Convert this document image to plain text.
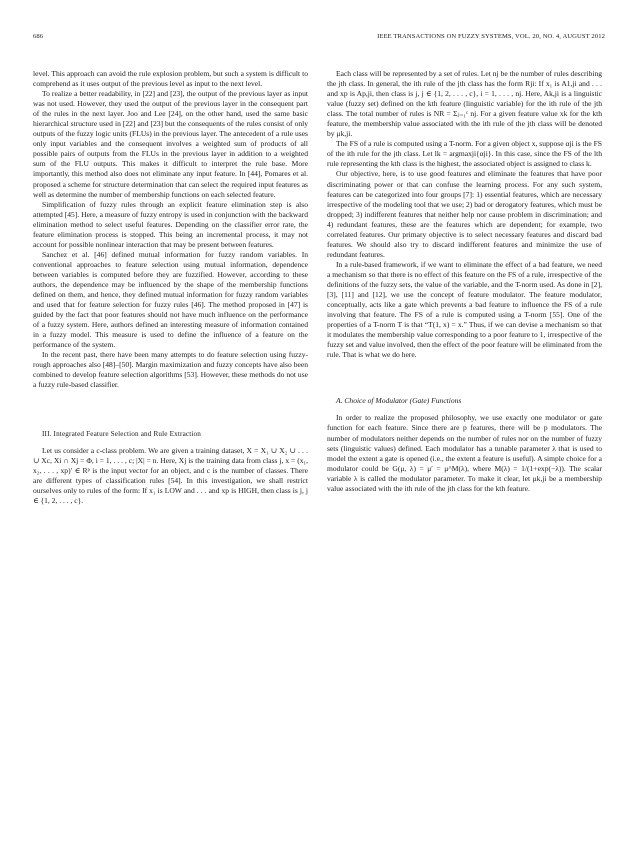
686	IEEE TRANSACTIONS ON FUZZY SYSTEMS, VOL. 20, NO. 4, AUGUST 2012

level. This approach can avoid the rule explosion problem, but such a system is difficult to comprehend as it uses output of the previous level as input to the next level.

To realize a better readability, in [22] and [23], the output of the previous layer as input was not used. However, they used the output of the previous layer in the consequent part of the rules in the next layer. Joo and Lee [24], on the other hand, used the same basic hierarchical structure used in [22] and [23] but the consequents of the rules consist of only outputs of the fuzzy logic units (FLUs) in the previous layer. The antecedent of a rule uses only input variables and the consequent involves a weighted sum of products of all possible pairs of outputs from the FLUs in the previous layer in addition to a weighted sum of the FLU outputs. This makes it difficult to interpret the rule base. More importantly, this method also does not eliminate any input feature. In [44], Pomares et al. proposed a scheme for structure determination that can select the required input features as well as determine the number of membership functions on each selected feature.

Simplification of fuzzy rules through an explicit feature elimination step is also attempted [45]. Here, a measure of fuzzy entropy is used in conjunction with the backward elimination method to select useful features. Depending on the classifier error rate, the feature elimination process is stopped. This being an incremental process, it may not account for possible nonlinear interaction that may be present between features.

Sanchez et al. [46] defined mutual information for fuzzy random variables. In conventional approaches to feature selection using mutual information, dependence between variables is computed before they are fuzzified. However, according to these authors, the dependence may be influenced by the shape of the membership functions defined on them, and hence, they defined mutual information for fuzzy random variables and used that for feature selection for fuzzy rules [46]. The method proposed in [47] is guided by the fact that poor features should not have much influence on the performance of a fuzzy system. Here, authors defined an interesting measure of information contained in a fuzzy model. This measure is used to define the influence of a feature on the performance of the system.

In the recent past, there have been many attempts to do feature selection using fuzzy-rough approaches also [48]–[50]. Margin maximization and fuzzy concepts have also been combined to develop feature selection algorithms [53]. However, these methods do not use a fuzzy rule-based classifier.

III. Integrated Feature Selection and Rule Extraction

Let us consider a c-class problem. We are given a training dataset, X = X₁ ∪ X₂ ∪ . . . ∪ Xc, Xi ∩ Xj = Φ, i = 1, . . . , c; |X| = n. Here, Xj is the training data from class j, x = (x₁, x₂, . . . , xp)′ ∈ Rᵖ is the input vector for an object, and c is the number of classes. There are different types of classification rules [54]. In this investigation, we shall restrict ourselves only to rules of the form: If x₁ is LOW and . . . and xp is HIGH, then class is j, j ∈ {1, 2, . . . , c}.

Each class will be represented by a set of rules. Let nj be the number of rules describing the jth class. In general, the ith rule of the jth class has the form Rji: If x₁ is A1,ji and . . . and xp is Ap,ji, then class is j, j ∈ {1, 2, . . . , c}, i = 1, . . . , nj. Here, Ak,ji is a linguistic value (fuzzy set) defined on the kth feature (linguistic variable) for the ith rule of the jth class. The total number of rules is NR = Σⱼ₌₁ᶜ nj. For a given feature value xk for the kth feature, the membership value associated with the ith rule of the jth class will be denoted by μk,ji.

The FS of a rule is computed using a T-norm. For a given object x, suppose αji is the FS of the ith rule for the jth class. Let lk = argmaxji{αji}. In this case, since the FS of the lth rule representing the kth class is the highest, the associated object is assigned to class k.

Our objective, here, is to use good features and eliminate the features that have poor discriminating power or that can confuse the learning process. For any such system, features can be categorized into four groups [7]: 1) essential features, which are necessary irrespective of the modeling tool that we use; 2) bad or derogatory features, which must be dropped; 3) indifferent features that neither help nor cause problem in discrimination; and 4) redundant features, these are the features which are dependent; for example, two correlated features. Our primary objective is to select necessary features and discard bad features. We should also try to discard indifferent features and minimize the use of redundant features.

In a rule-based framework, if we want to eliminate the effect of a bad feature, we need a mechanism so that there is no effect of this feature on the FS of a rule, irrespective of the definitions of the fuzzy sets, the value of the variable, and the T-norm used. As done in [2], [3], [11] and [12], we use the concept of feature modulator. The feature modulator, conceptually, acts like a gate which prevents a bad feature to influence the FS of a rule involving that feature. The FS of a rule is computed using a T-norm [55]. One of the properties of a T-norm T is that “T(1, x) = x.” Thus, if we can devise a mechanism so that it modulates the membership value corresponding to a poor feature to 1, irrespective of the fuzzy set and value involved, then the effect of the poor feature will be eliminated from the rule. That is what we do here.

A. Choice of Modulator (Gate) Functions

In order to realize the proposed philosophy, we use exactly one modulator or gate function for each feature. Since there are p features, there will be p modulators. The number of modulators neither depends on the number of rules nor on the number of fuzzy sets (linguistic values) defined. Each modulator has a tunable parameter λ that is used to model the extent a gate is opened (i.e., the extent a feature is useful). A simple choice for a modulator could be G(μ, λ) = μ′ = μ^M(λ), where M(λ) = 1/(1+exp(−λ)). The scalar variable λ is called the modulator parameter. To make it clear, let μk,ji be a membership value associated with the ith rule of the jth class for the kth feature.
